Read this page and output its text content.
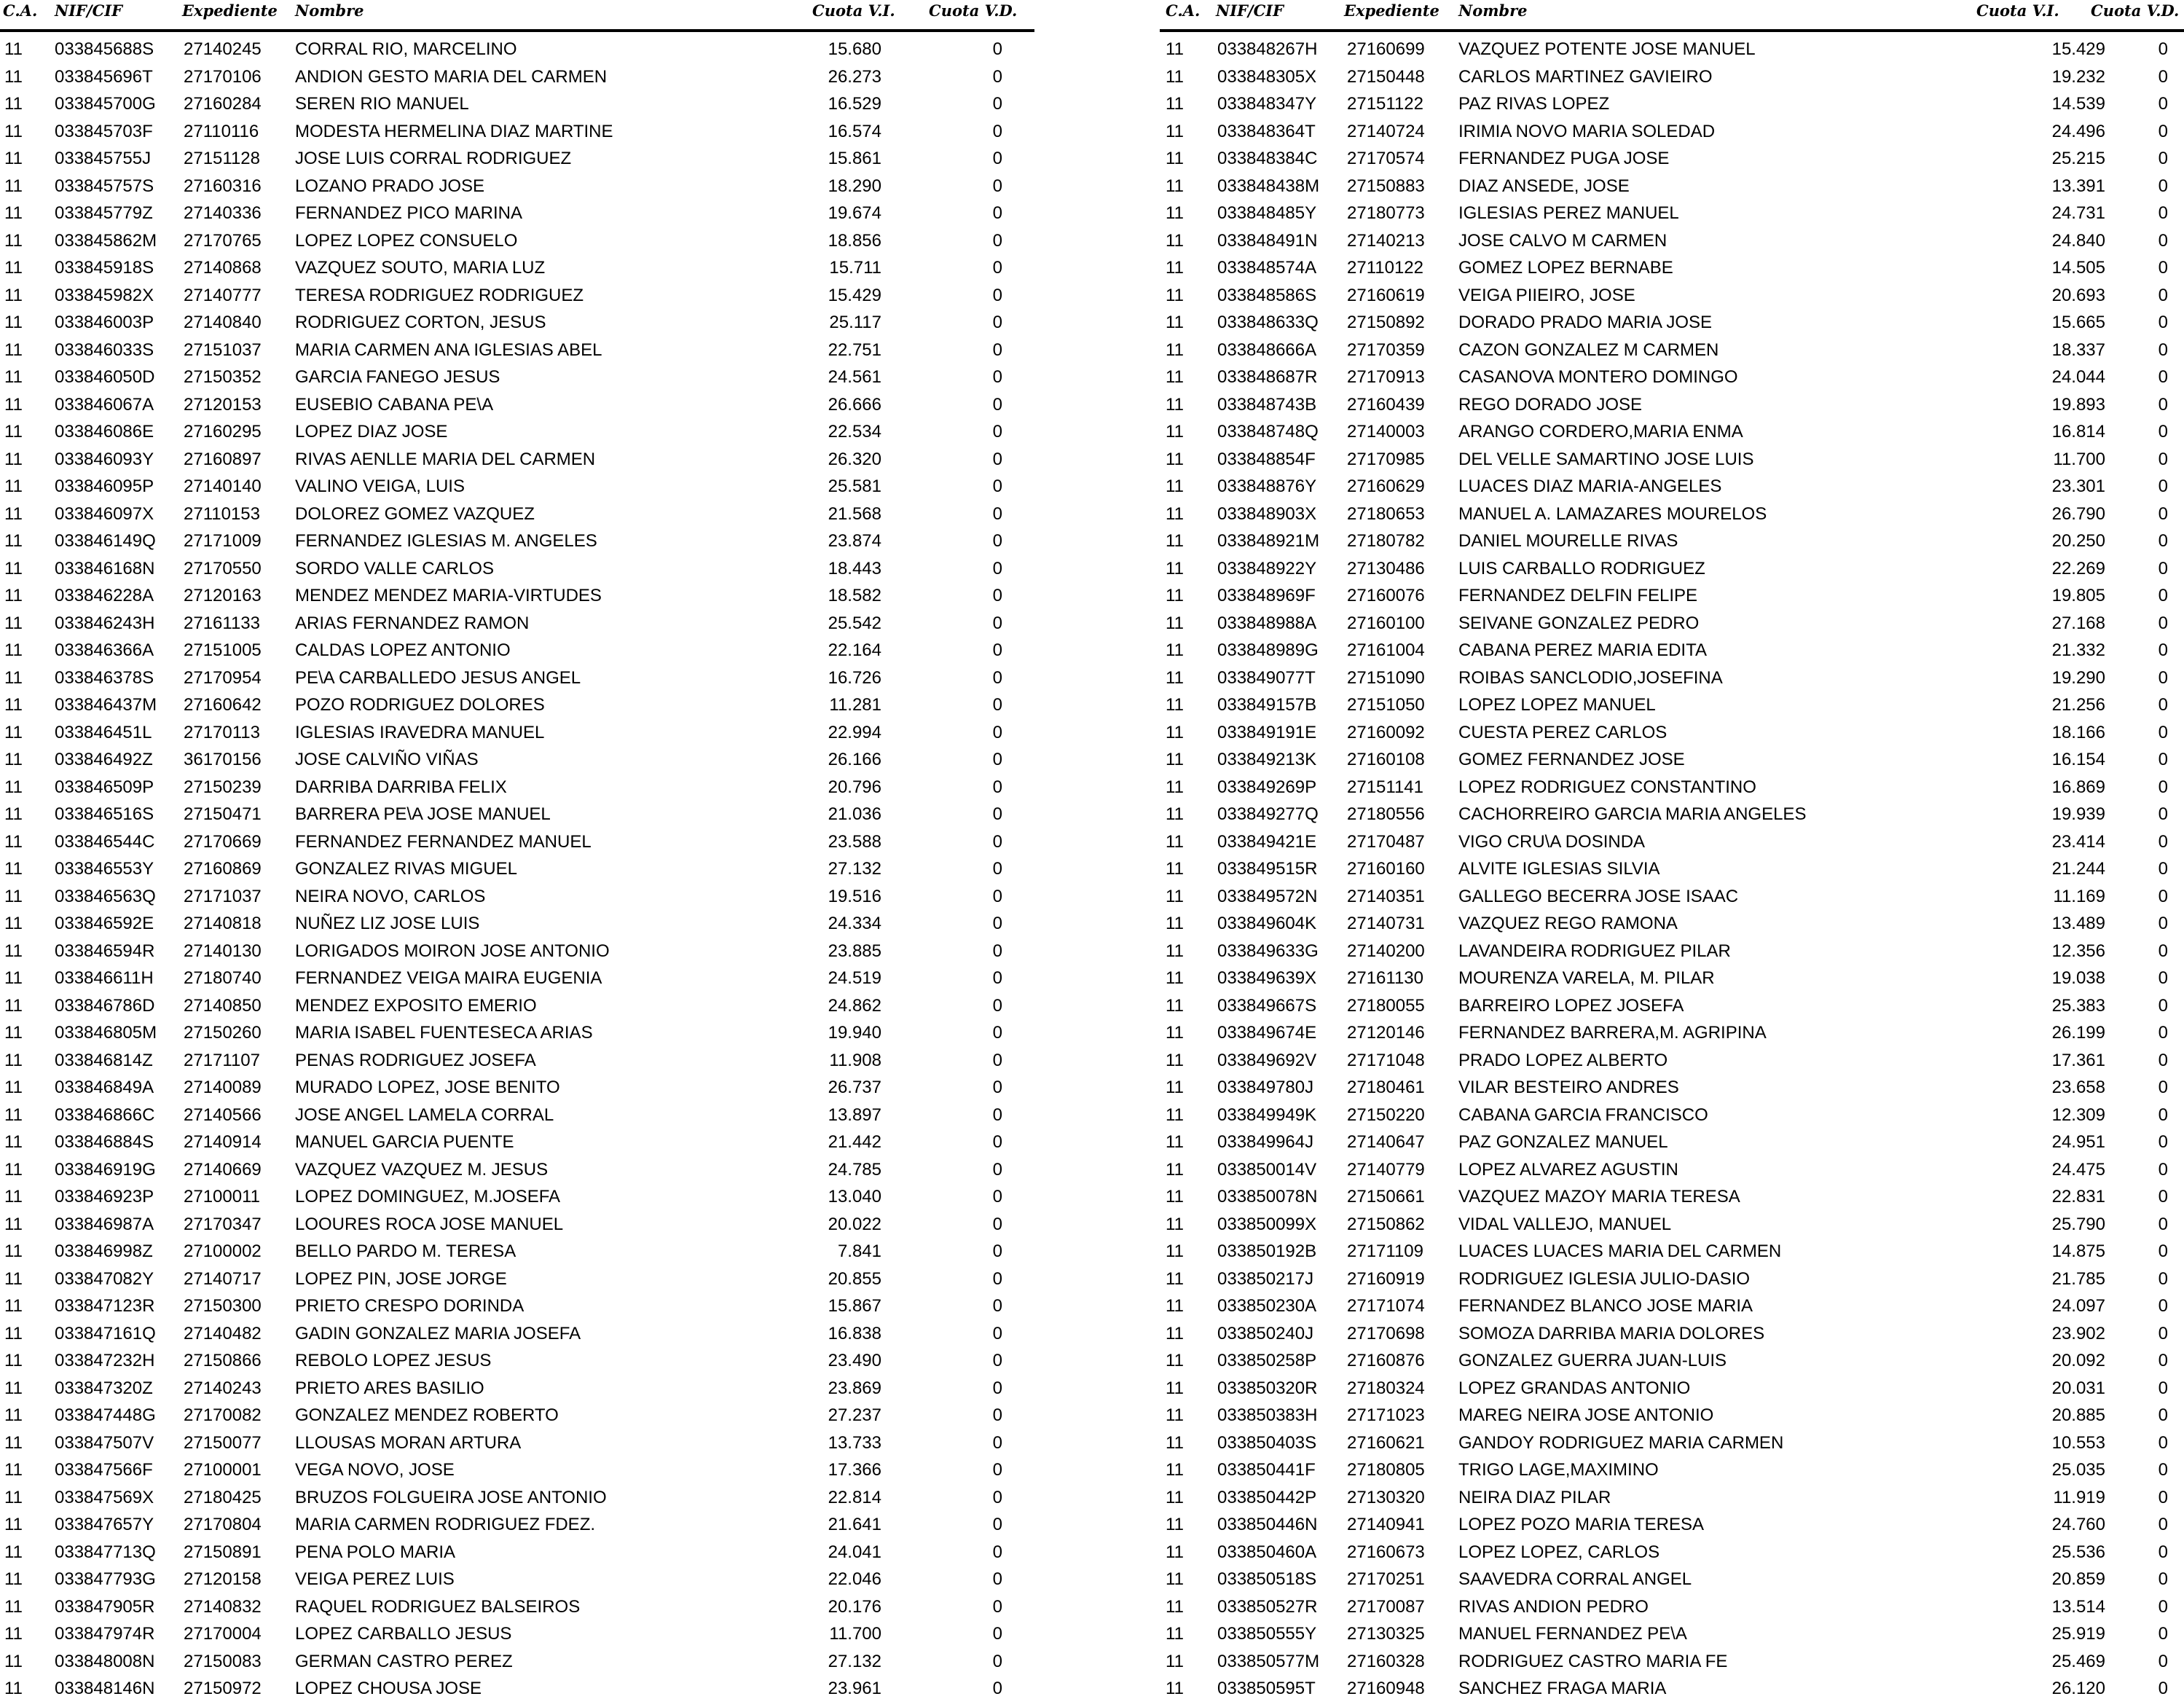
C.A. NIF/CIF	Expediente Nombre	Cuota V.I. Cuota V.D.
11 033845688S 27140245 CORRAL RIO, MARCELINO	15.680	0
11 033845696T 27170106 ANDION GESTO MARIA DEL CARMEN	26.273	0
11 033845700G 27160284 SEREN RIO MANUEL	16.529	0
11 033845703F 27110116 MODESTA HERMELINA DIAZ MARTINE	16.574	0
11 033845755J 27151128 JOSE LUIS CORRAL RODRIGUEZ	15.861	0
11 033845757S 27160316 LOZANO PRADO JOSE	18.290	0
11 033845779Z 27140336 FERNANDEZ PICO MARINA	19.674	0
11 033845862M 27170765 LOPEZ LOPEZ CONSUELO	18.856	0
11 033845918S 27140868 VAZQUEZ SOUTO, MARIA LUZ	15.711	0
11 033845982X 27140777 TERESA RODRIGUEZ RODRIGUEZ	15.429	0
11 033846003P 27140840 RODRIGUEZ CORTON, JESUS	25.117	0
11 033846033S 27151037 MARIA CARMEN ANA IGLESIAS ABEL	22.751	0
11 033846050D 27150352 GARCIA FANEGO JESUS	24.561	0
11 033846067A 27120153 EUSEBIO CABANA PE\A	26.666	0
11 033846086E 27160295 LOPEZ DIAZ JOSE	22.534	0
11 033846093Y 27160897 RIVAS AENLLE MARIA DEL CARMEN	26.320	0
11 033846095P 27140140 VALINO VEIGA, LUIS	25.581	0
11 033846097X 27110153 DOLOREZ GOMEZ VAZQUEZ	21.568	0
11 033846149Q 27171009 FERNANDEZ IGLESIAS M. ANGELES	23.874	0
11 033846168N 27170550 SORDO VALLE CARLOS	18.443	0
11 033846228A 27120163 MENDEZ MENDEZ MARIA-VIRTUDES	18.582	0
11 033846243H 27161133 ARIAS FERNANDEZ RAMON	25.542	0
11 033846366A 27151005 CALDAS LOPEZ ANTONIO	22.164	0
11 033846378S 27170954 PE\A CARBALLEDO JESUS ANGEL	16.726	0
11 033846437M 27160642 POZO RODRIGUEZ DOLORES	11.281	0
11 033846451L 27170113 IGLESIAS IRAVEDRA MANUEL	22.994	0
11 033846492Z 36170156 JOSE CALVIÑO VIÑAS	26.166	0
11 033846509P 27150239 DARRIBA DARRIBA FELIX	20.796	0
11 033846516S 27150471 BARRERA PE\A JOSE MANUEL	21.036	0
11 033846544C 27170669 FERNANDEZ FERNANDEZ MANUEL	23.588	0
11 033846553Y 27160869 GONZALEZ RIVAS MIGUEL	27.132	0
11 033846563Q 27171037 NEIRA NOVO, CARLOS	19.516	0
11 033846592E 27140818 NUÑEZ LIZ JOSE LUIS	24.334	0
11 033846594R 27140130 LORIGADOS MOIRON JOSE ANTONIO	23.885	0
11 033846611H 27180740 FERNANDEZ VEIGA MAIRA EUGENIA	24.519	0
11 033846786D 27140850 MENDEZ EXPOSITO EMERIO	24.862	0
11 033846805M 27150260 MARIA ISABEL FUENTESECA ARIAS	19.940	0
11 033846814Z 27171107 PENAS RODRIGUEZ JOSEFA	11.908	0
11 033846849A 27140089 MURADO LOPEZ, JOSE BENITO	26.737	0
11 033846866C 27140566 JOSE ANGEL LAMELA CORRAL	13.897	0
11 033846884S 27140914 MANUEL GARCIA PUENTE	21.442	0
11 033846919G 27140669 VAZQUEZ VAZQUEZ M. JESUS	24.785	0
11 033846923P 27100011 LOPEZ DOMINGUEZ, M.JOSEFA	13.040	0
11 033846987A 27170347 LOOURES ROCA JOSE MANUEL	20.022	0
11 033846998Z 27100002 BELLO PARDO M. TERESA	7.841	0
11 033847082Y 27140717 LOPEZ PIN, JOSE JORGE	20.855	0
11 033847123R 27150300 PRIETO CRESPO DORINDA	15.867	0
11 033847161Q 27140482 GADIN GONZALEZ MARIA JOSEFA	16.838	0
11 033847232H 27150866 REBOLO LOPEZ JESUS	23.490	0
11 033847320Z 27140243 PRIETO ARES BASILIO	23.869	0
11 033847448G 27170082 GONZALEZ MENDEZ ROBERTO	27.237	0
11 033847507V 27150077 LLOUSAS MORAN ARTURA	13.733	0
11 033847566F 27100001 VEGA NOVO, JOSE	17.366	0
11 033847569X 27180425 BRUZOS FOLGUEIRA JOSE ANTONIO	22.814	0
11 033847657Y 27170804 MARIA CARMEN RODRIGUEZ FDEZ.	21.641	0
11 033847713Q 27150891 PENA POLO MARIA	24.041	0
11 033847793G 27120158 VEIGA PEREZ LUIS	22.046	0
11 033847905R 27140832 RAQUEL RODRIGUEZ BALSEIROS	20.176	0
11 033847974R 27170004 LOPEZ CARBALLO JESUS	11.700	0
11 033848008N 27150083 GERMAN CASTRO PEREZ	27.132	0
11 033848146N 27150972 LOPEZ CHOUSA JOSE	23.961	0
C.A. NIF/CIF	Expediente Nombre	Cuota V.I. Cuota V.D.
11 033848267H 27160699 VAZQUEZ POTENTE JOSE MANUEL	15.429	0
11 033848305X 27150448 CARLOS MARTINEZ GAVIEIRO	19.232	0
11 033848347Y 27151122 PAZ RIVAS LOPEZ	14.539	0
11 033848364T 27140724 IRIMIA NOVO MARIA SOLEDAD	24.496	0
11 033848384C 27170574 FERNANDEZ PUGA JOSE	25.215	0
11 033848438M 27150883 DIAZ ANSEDE, JOSE	13.391	0
11 033848485Y 27180773 IGLESIAS PEREZ MANUEL	24.731	0
11 033848491N 27140213 JOSE CALVO M CARMEN	24.840	0
11 033848574A 27110122 GOMEZ LOPEZ BERNABE	14.505	0
11 033848586S 27160619 VEIGA PIIEIRO, JOSE	20.693	0
11 033848633Q 27150892 DORADO PRADO MARIA JOSE	15.665	0
11 033848666A 27170359 CAZON GONZALEZ M CARMEN	18.337	0
11 033848687R 27170913 CASANOVA MONTERO DOMINGO	24.044	0
11 033848743B 27160439 REGO DORADO JOSE	19.893	0
11 033848748Q 27140003 ARANGO CORDERO,MARIA ENMA	16.814	0
11 033848854F 27170985 DEL VELLE SAMARTINO JOSE LUIS	11.700	0
11 033848876Y 27160629 LUACES DIAZ MARIA-ANGELES	23.301	0
11 033848903X 27180653 MANUEL A. LAMAZARES MOURELOS	26.790	0
11 033848921M 27180782 DANIEL MOURELLE RIVAS	20.250	0
11 033848922Y 27130486 LUIS CARBALLO RODRIGUEZ	22.269	0
11 033848969F 27160076 FERNANDEZ DELFIN FELIPE	19.805	0
11 033848988A 27160100 SEIVANE GONZALEZ PEDRO	27.168	0
11 033848989G 27161004 CABANA PEREZ MARIA EDITA	21.332	0
11 033849077T 27151090 ROIBAS SANCLODIO,JOSEFINA	19.290	0
11 033849157B 27151050 LOPEZ LOPEZ MANUEL	21.256	0
11 033849191E 27160092 CUESTA PEREZ CARLOS	18.166	0
11 033849213K 27160108 GOMEZ FERNANDEZ JOSE	16.154	0
11 033849269P 27151141 LOPEZ RODRIGUEZ CONSTANTINO	16.869	0
11 033849277Q 27180556 CACHORREIRO GARCIA MARIA ANGELES	19.939	0
11 033849421E 27170487 VIGO CRU\A DOSINDA	23.414	0
11 033849515R 27160160 ALVITE IGLESIAS SILVIA	21.244	0
11 033849572N 27140351 GALLEGO BECERRA JOSE ISAAC	11.169	0
11 033849604K 27140731 VAZQUEZ REGO RAMONA	13.489	0
11 033849633G 27140200 LAVANDEIRA RODRIGUEZ PILAR	12.356	0
11 033849639X 27161130 MOURENZA VARELA, M. PILAR	19.038	0
11 033849667S 27180055 BARREIRO LOPEZ JOSEFA	25.383	0
11 033849674E 27120146 FERNANDEZ BARRERA,M. AGRIPINA	26.199	0
11 033849692V 27171048 PRADO LOPEZ ALBERTO	17.361	0
11 033849780J 27180461 VILAR BESTEIRO ANDRES	23.658	0
11 033849949K 27150220 CABANA GARCIA FRANCISCO	12.309	0
11 033849964J 27140647 PAZ GONZALEZ MANUEL	24.951	0
11 033850014V 27140779 LOPEZ ALVAREZ AGUSTIN	24.475	0
11 033850078N 27150661 VAZQUEZ MAZOY MARIA TERESA	22.831	0
11 033850099X 27150862 VIDAL VALLEJO, MANUEL	25.790	0
11 033850192B 27171109 LUACES LUACES MARIA DEL CARMEN	14.875	0
11 033850217J 27160919 RODRIGUEZ IGLESIA JULIO-DASIO	21.785	0
11 033850230A 27171074 FERNANDEZ BLANCO JOSE MARIA	24.097	0
11 033850240J 27170698 SOMOZA DARRIBA MARIA DOLORES	23.902	0
11 033850258P 27160876 GONZALEZ GUERRA JUAN-LUIS	20.092	0
11 033850320R 27180324 LOPEZ GRANDAS ANTONIO	20.031	0
11 033850383H 27171023 MAREG NEIRA JOSE ANTONIO	20.885	0
11 033850403S 27160621 GANDOY RODRIGUEZ MARIA CARMEN	10.553	0
11 033850441F 27180805 TRIGO LAGE,MAXIMINO	25.035	0
11 033850442P 27130320 NEIRA DIAZ PILAR	11.919	0
11 033850446N 27140941 LOPEZ POZO MARIA TERESA	24.760	0
11 033850460A 27160673 LOPEZ LOPEZ, CARLOS	25.536	0
11 033850518S 27170251 SAAVEDRA CORRAL ANGEL	20.859	0
11 033850527R 27170087 RIVAS ANDION PEDRO	13.514	0
11 033850555Y 27130325 MANUEL FERNANDEZ PE\A	25.919	0
11 033850577M 27160328 RODRIGUEZ CASTRO MARIA FE	25.469	0
11 033850595T 27160948 SANCHEZ FRAGA MARIA	26.120	0
